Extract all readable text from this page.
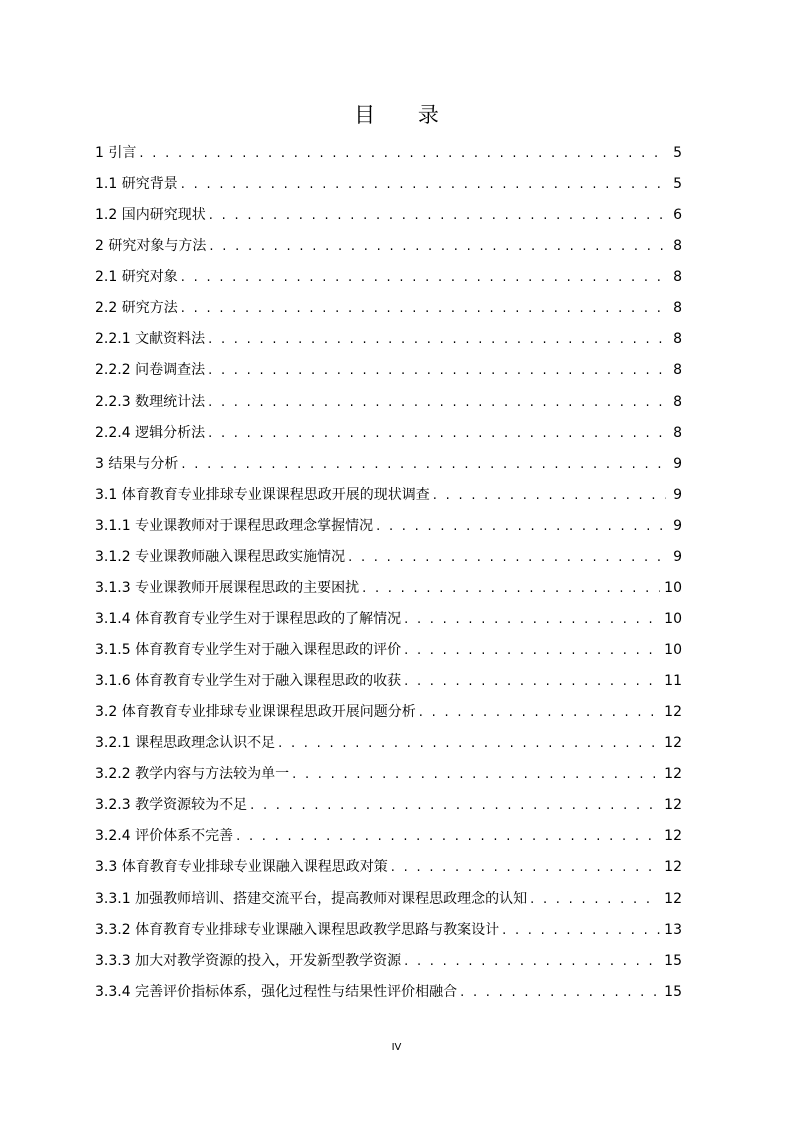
目 录
1 引言 . . .	5
1.1 研究背景 . . .	5
1.2 国内研究现状 . . .	6
2 研究对象与方法 . . .	8
2.1 研究对象 . . .	8
2.2 研究方法 . . .	8
2.2.1 文献资料法 . . .	8
2.2.2 问卷调查法 . . .	8
2.2.3 数理统计法 . . .	8
2.2.4 逻辑分析法 . . .	8
3 结果与分析 . . .	9
3.1 体育教育专业排球专业课课程思政开展的现状调查 . . .	9
3.1.1 专业课教师对于课程思政理念掌握情况 . . .	9
3.1.2 专业课教师融入课程思政实施情况 . . .	9
3.1.3 专业课教师开展课程思政的主要困扰 . . .	10
3.1.4 体育教育专业学生对于课程思政的了解情况 . . .	10
3.1.5 体育教育专业学生对于融入课程思政的评价 . . .	10
3.1.6 体育教育专业学生对于融入课程思政的收获 . . .	11
3.2 体育教育专业排球专业课课程思政开展问题分析 . . .	12
3.2.1 课程思政理念认识不足 . . .	12
3.2.2 教学内容与方法较为单一 . . .	12
3.2.3 教学资源较为不足 . . .	12
3.2.4 评价体系不完善 . . .	12
3.3 体育教育专业排球专业课融入课程思政对策 . . .	12
3.3.1 加强教师培训、搭建交流平台，提高教师对课程思政理念的认知 . . .	12
3.3.2 体育教育专业排球专业课融入课程思政教学思路与教案设计 . . .	13
3.3.3 加大对教学资源的投入，开发新型教学资源 . . .	15
3.3.4 完善评价指标体系，强化过程性与结果性评价相融合 . . .	15
IV
